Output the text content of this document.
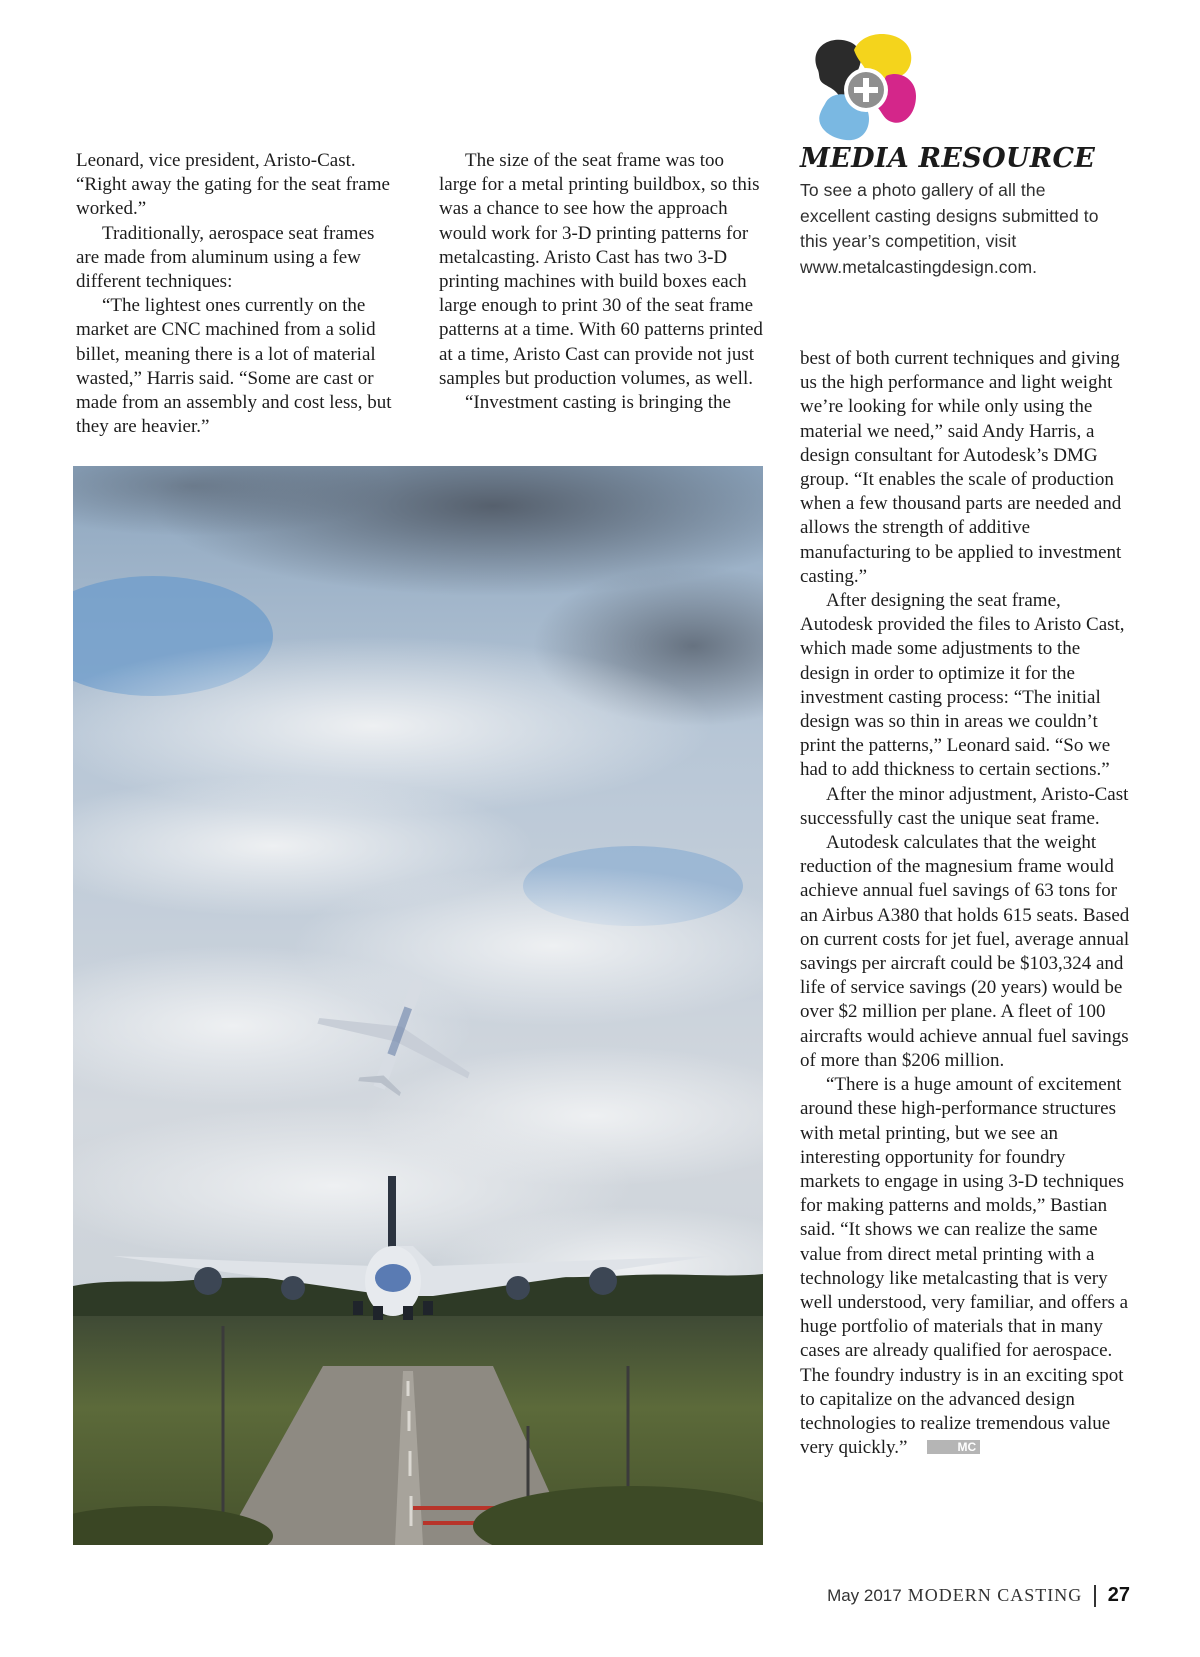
Leonard, vice president, Aristo-Cast. “Right away the gating for the seat frame worked.”

Traditionally, aerospace seat frames are made from aluminum using a few different techniques:

“The lightest ones currently on the market are CNC machined from a solid billet, meaning there is a lot of material wasted,” Harris said. “Some are cast or made from an assembly and cost less, but they are heavier.”

The size of the seat frame was too large for a metal printing buildbox, so this was a chance to see how the approach would work for 3-D printing patterns for metalcasting. Aristo Cast has two 3-D printing machines with build boxes each large enough to print 30 of the seat frame patterns at a time. With 60 patterns printed at a time, Aristo Cast can provide not just samples but production volumes, as well.

“Investment casting is bringing the

MEDIA RESOURCE

To see a photo gallery of all the excellent casting designs submitted to this year’s competition, visit www.metalcastingdesign.com.

best of both current techniques and giving us the high performance and light weight we’re looking for while only using the material we need,” said Andy Harris, a design consultant for Autodesk’s DMG group. “It enables the scale of production when a few thousand parts are needed and allows the strength of additive manufacturing to be applied to investment casting.”

After designing the seat frame, Autodesk provided the files to Aristo Cast, which made some adjustments to the design in order to optimize it for the investment casting process: “The initial design was so thin in areas we couldn’t print the patterns,” Leonard said. “So we had to add thickness to certain sections.”

After the minor adjustment, Aristo-Cast successfully cast the unique seat frame.

Autodesk calculates that the weight reduction of the magnesium frame would achieve annual fuel savings of 63 tons for an Airbus A380 that holds 615 seats. Based on current costs for jet fuel, average annual savings per aircraft could be $103,324 and life of service savings (20 years) would be over $2 million per plane. A fleet of 100 aircrafts would achieve annual fuel savings of more than $206 million.

“There is a huge amount of excitement around these high-performance structures with metal printing, but we see an interesting opportunity for foundry markets to engage in using 3-D techniques for making patterns and molds,” Bastian said. “It shows we can realize the same value from direct metal printing with a technology like metalcasting that is very well understood, very familiar, and offers a huge portfolio of materials that in many cases are already qualified for aerospace. The foundry industry is in an exciting spot to capitalize on the advanced design technologies to realize tremendous value very quickly.”	MC

May 2017 MODERN CASTING 27
